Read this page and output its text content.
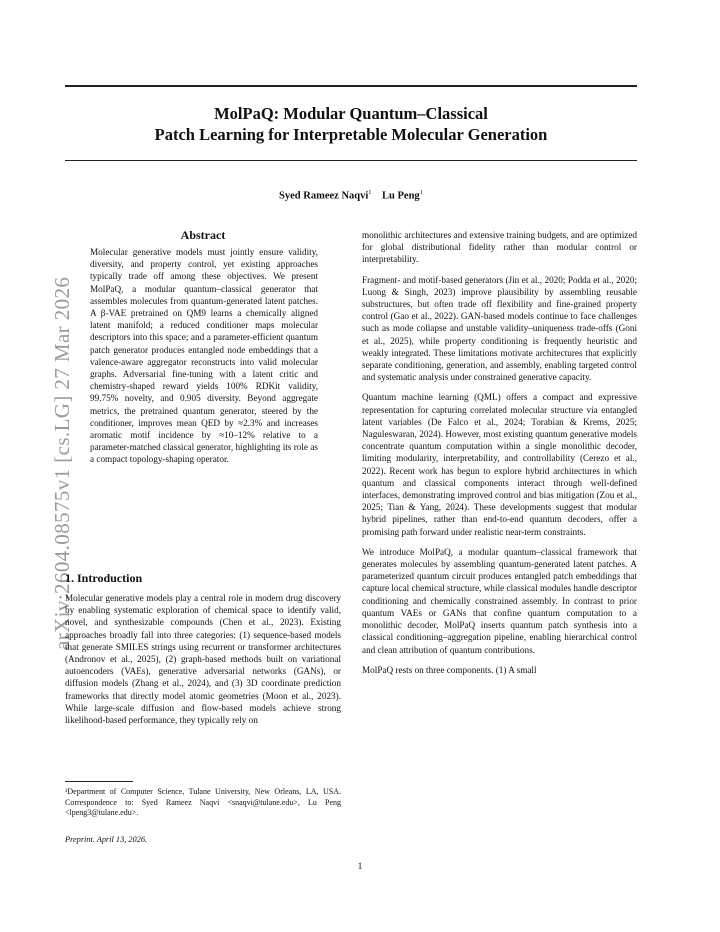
MolPaQ: Modular Quantum–Classical
Patch Learning for Interpretable Molecular Generation
Syed Rameez Naqvi$^1$ Lu Peng$^1$
arXiv:2604.08575v1 [cs.LG] 27 Mar 2026
Abstract
Molecular generative models must jointly ensure validity, diversity, and property control, yet existing approaches typically trade off among these objectives. We present MolPaQ, a modular quantum–classical generator that assembles molecules from quantum-generated latent patches. A β-VAE pretrained on QM9 learns a chemically aligned latent manifold; a reduced conditioner maps molecular descriptors into this space; and a parameter-efficient quantum patch generator produces entangled node embeddings that a valence-aware aggregator reconstructs into valid molecular graphs. Adversarial fine-tuning with a latent critic and chemistry-shaped reward yields 100% RDKit validity, 99.75% novelty, and 0.905 diversity. Beyond aggregate metrics, the pretrained quantum generator, steered by the conditioner, improves mean QED by ≈2.3% and increases aromatic motif incidence by ≈10–12% relative to a parameter-matched classical generator, highlighting its role as a compact topology-shaping operator.
1. Introduction
Molecular generative models play a central role in modern drug discovery by enabling systematic exploration of chemical space to identify valid, novel, and synthesizable compounds (Chen et al., 2023). Existing approaches broadly fall into three categories: (1) sequence-based models that generate SMILES strings using recurrent or transformer architectures (Andronov et al., 2025), (2) graph-based methods built on variational autoencoders (VAEs), generative adversarial networks (GANs), or diffusion models (Zhang et al., 2024), and (3) 3D coordinate prediction frameworks that directly model atomic geometries (Moon et al., 2023). While large-scale diffusion and flow-based models achieve strong likelihood-based performance, they typically rely on
¹Department of Computer Science, Tulane University, New Orleans, LA, USA. Correspondence to: Syed Rameez Naqvi <snaqvi@tulane.edu>, Lu Peng <lpeng3@tulane.edu>.
Preprint. April 13, 2026.

monolithic architectures and extensive training budgets, and are optimized for global distributional fidelity rather than modular control or interpretability.

Fragment- and motif-based generators (Jin et al., 2020; Podda et al., 2020; Luong & Singh, 2023) improve plausibility by assembling reusable substructures, but often trade off flexibility and fine-grained property control (Gao et al., 2022). GAN-based models continue to face challenges such as mode collapse and unstable validity–uniqueness trade-offs (Goni et al., 2025), while property conditioning is frequently heuristic and weakly integrated. These limitations motivate architectures that explicitly separate conditioning, generation, and assembly, enabling targeted control and systematic analysis under constrained generative capacity.

Quantum machine learning (QML) offers a compact and expressive representation for capturing correlated molecular structure via entangled latent variables (De Falco et al., 2024; Torabian & Krems, 2025; Naguleswaran, 2024). However, most existing quantum generative models concentrate quantum computation within a single monolithic decoder, limiting modularity, interpretability, and controllability (Cerezo et al., 2022). Recent work has begun to explore hybrid architectures in which quantum and classical components interact through well-defined interfaces, demonstrating improved control and bias mitigation (Zou et al., 2025; Tian & Yang, 2024). These developments suggest that modular hybrid pipelines, rather than end-to-end quantum decoders, offer a promising path forward under realistic near-term constraints.

We introduce MolPaQ, a modular quantum–classical framework that generates molecules by assembling quantum-generated latent patches. A parameterized quantum circuit produces entangled patch embeddings that capture local chemical structure, while classical modules handle descriptor conditioning and chemically constrained assembly. In contrast to prior quantum VAEs or GANs that confine quantum computation to a monolithic decoder, MolPaQ inserts quantum patch synthesis into a classical conditioning–aggregation pipeline, enabling hierarchical control and clean attribution of quantum contributions.

MolPaQ rests on three components. (1) A small

1
